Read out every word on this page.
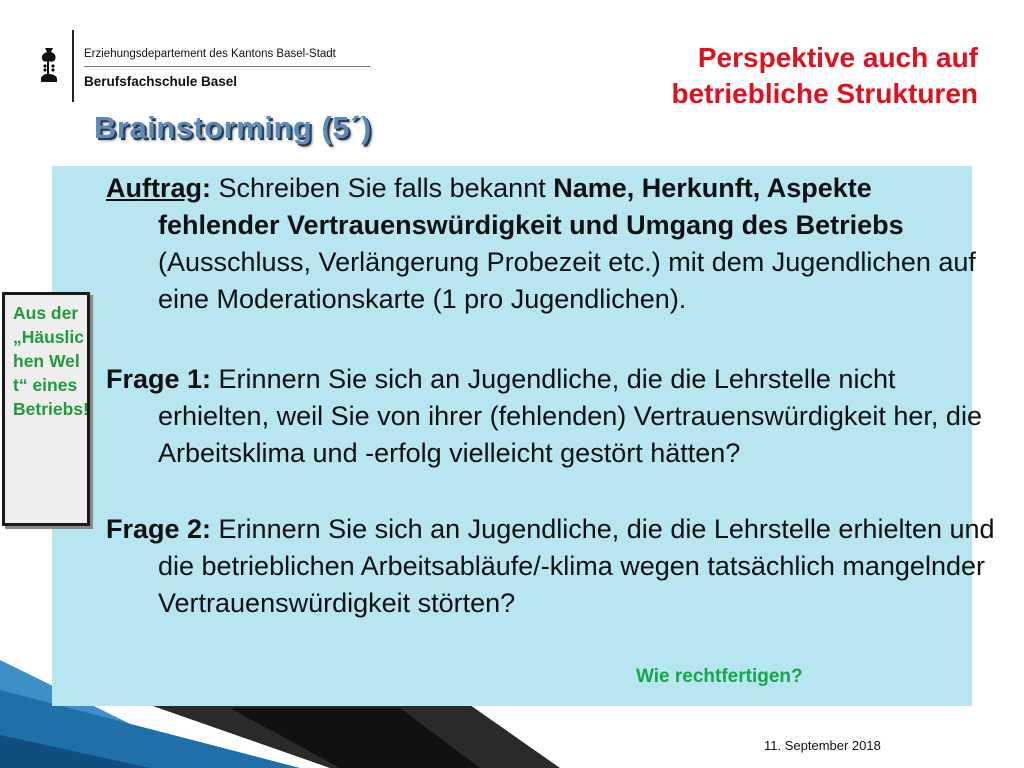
Erziehungsdepartement des Kantons Basel-Stadt
Berufsfachschule Basel
Perspektive auch auf
betriebliche Strukturen
Brainstorming (5´)
Auftrag: Schreiben Sie falls bekannt Name, Herkunft, Aspekte fehlender Vertrauenswürdigkeit und Umgang des Betriebs (Ausschluss, Verlängerung Probezeit etc.) mit dem Jugendlichen auf eine Moderationskarte (1 pro Jugendlichen).
Frage 1: Erinnern Sie sich an Jugendliche, die die Lehrstelle nicht erhielten, weil Sie von ihrer (fehlenden) Vertrauenswürdigkeit her, die Arbeitsklima und -erfolg vielleicht gestört hätten?
Frage 2: Erinnern Sie sich an Jugendliche, die die Lehrstelle erhielten und die betrieblichen Arbeitsabläufe/-klima wegen tatsächlich mangelnder Vertrauenswürdigkeit störten?
Wie rechtfertigen?
Aus der „Häuslichen Welt“ eines Betriebs!
11. September 2018
